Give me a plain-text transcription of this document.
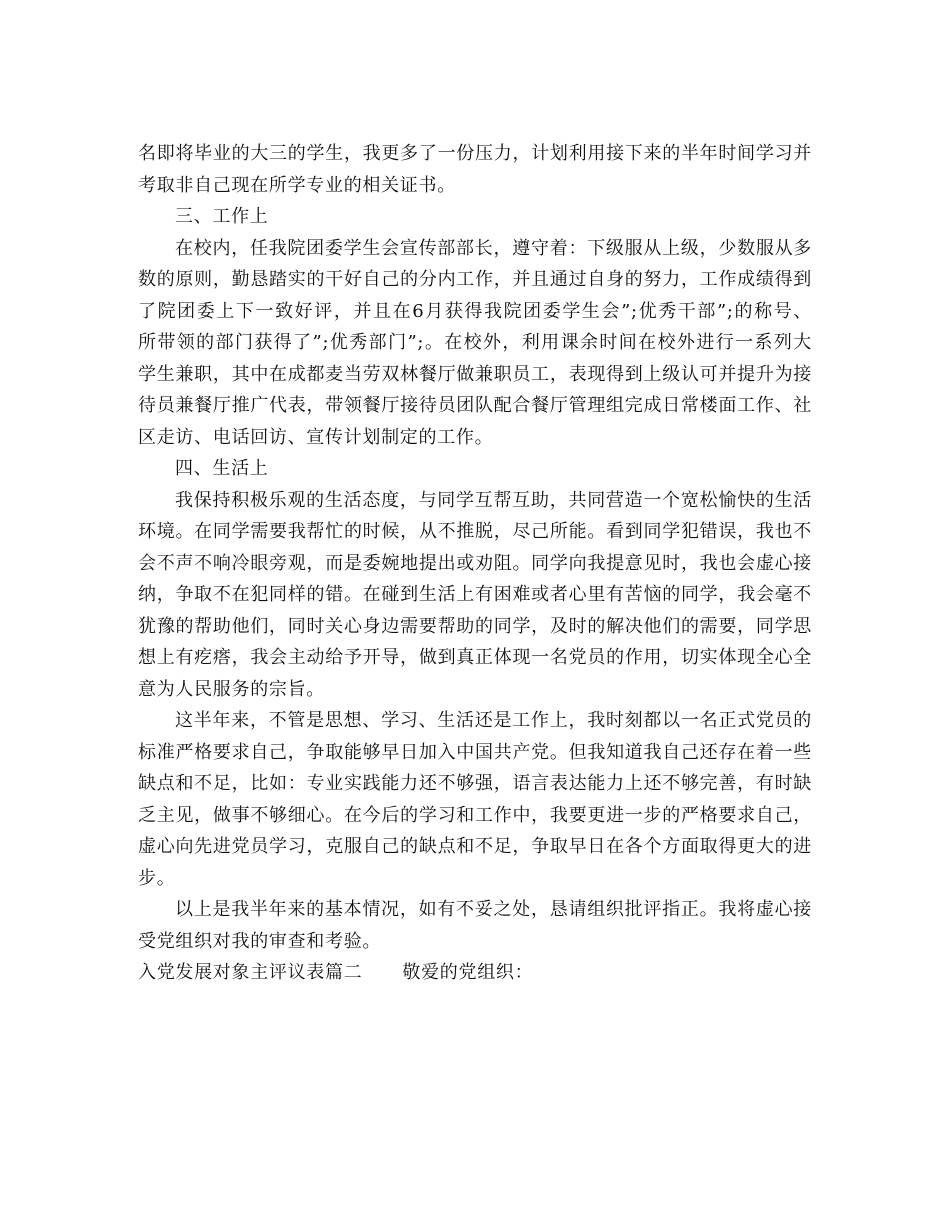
名即将毕业的大三的学生，我更多了一份压力，计划利用接下来的半年时间学习并
考取非自己现在所学专业的相关证书。
三、工作上
在校内，任我院团委学生会宣传部部长，遵守着：下级服从上级，少数服从多
数的原则，勤恳踏实的干好自己的分内工作，并且通过自身的努力，工作成绩得到
了院团委上下一致好评，并且在6月获得我院团委学生会”;优秀干部”;的称号、
所带领的部门获得了”;优秀部门”;。在校外，利用课余时间在校外进行一系列大
学生兼职，其中在成都麦当劳双林餐厅做兼职员工，表现得到上级认可并提升为接
待员兼餐厅推广代表，带领餐厅接待员团队配合餐厅管理组完成日常楼面工作、社
区走访、电话回访、宣传计划制定的工作。
四、生活上
我保持积极乐观的生活态度，与同学互帮互助，共同营造一个宽松愉快的生活
环境。在同学需要我帮忙的时候，从不推脱，尽己所能。看到同学犯错误，我也不
会不声不响冷眼旁观，而是委婉地提出或劝阻。同学向我提意见时，我也会虚心接
纳，争取不在犯同样的错。在碰到生活上有困难或者心里有苦恼的同学，我会毫不
犹豫的帮助他们，同时关心身边需要帮助的同学，及时的解决他们的需要，同学思
想上有疙瘩，我会主动给予开导，做到真正体现一名党员的作用，切实体现全心全
意为人民服务的宗旨。
这半年来，不管是思想、学习、生活还是工作上，我时刻都以一名正式党员的
标准严格要求自己，争取能够早日加入中国共产党。但我知道我自己还存在着一些
缺点和不足，比如：专业实践能力还不够强，语言表达能力上还不够完善，有时缺
乏主见，做事不够细心。在今后的学习和工作中，我要更进一步的严格要求自己，
虚心向先进党员学习，克服自己的缺点和不足，争取早日在各个方面取得更大的进
步。
以上是我半年来的基本情况，如有不妥之处，恳请组织批评指正。我将虚心接
受党组织对我的审查和考验。
入党发展对象主评议表篇二 敬爱的党组织：
